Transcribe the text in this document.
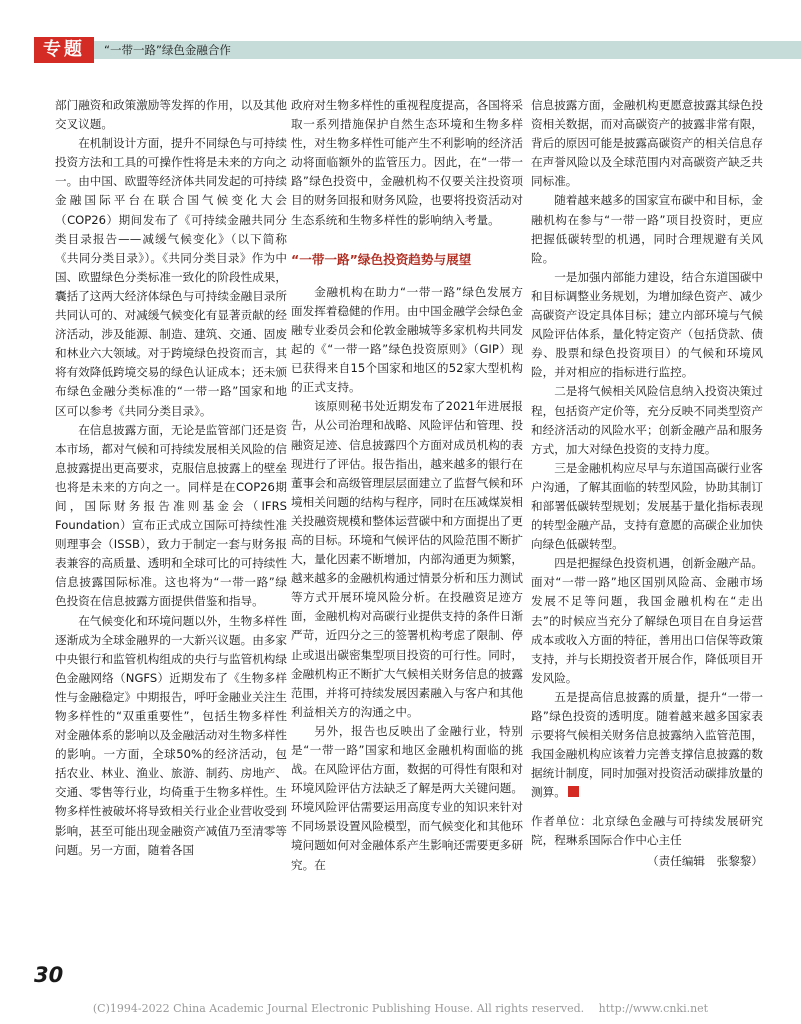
专题	“一带一路”绿色金融合作

部门融资和政策激励等发挥的作用，以及其他交叉议题。

在机制设计方面，提升不同绿色与可持续投资方法和工具的可操作性将是未来的方向之一。由中国、欧盟等经济体共同发起的可持续金融国际平台在联合国气候变化大会（COP26）期间发布了《可持续金融共同分类目录报告——减缓气候变化》（以下简称《共同分类目录》）。《共同分类目录》作为中国、欧盟绿色分类标准一致化的阶段性成果，囊括了这两大经济体绿色与可持续金融目录所共同认可的、对减缓气候变化有显著贡献的经济活动，涉及能源、制造、建筑、交通、固废和林业六大领域。对于跨境绿色投资而言，其将有效降低跨境交易的绿色认证成本；还未颁布绿色金融分类标准的“一带一路”国家和地区可以参考《共同分类目录》。

在信息披露方面，无论是监管部门还是资本市场，都对气候和可持续发展相关风险的信息披露提出更高要求，克服信息披露上的壁垒也将是未来的方向之一。同样是在COP26期间，国际财务报告准则基金会（IFRS Foundation）宣布正式成立国际可持续性准则理事会（ISSB），致力于制定一套与财务报表兼容的高质量、透明和全球可比的可持续性信息披露国际标准。这也将为“一带一路”绿色投资在信息披露方面提供借鉴和指导。

在气候变化和环境问题以外，生物多样性逐渐成为全球金融界的一大新兴议题。由多家中央银行和监管机构组成的央行与监管机构绿色金融网络（NGFS）近期发布了《生物多样性与金融稳定》中期报告，呼吁金融业关注生物多样性的“双重重要性”，包括生物多样性对金融体系的影响以及金融活动对生物多样性的影响。一方面，全球50%的经济活动，包括农业、林业、渔业、旅游、制药、房地产、交通、零售等行业，均倚重于生物多样性。生物多样性被破坏将导致相关行业企业营收受到影响，甚至可能出现金融资产减值乃至清零等问题。另一方面，随着各国

政府对生物多样性的重视程度提高，各国将采取一系列措施保护自然生态环境和生物多样性，对生物多样性可能产生不利影响的经济活动将面临额外的监管压力。因此，在“一带一路”绿色投资中，金融机构不仅要关注投资项目的财务回报和财务风险，也要将投资活动对生态系统和生物多样性的影响纳入考量。

“一带一路”绿色投资趋势与展望

金融机构在助力“一带一路”绿色发展方面发挥着稳健的作用。由中国金融学会绿色金融专业委员会和伦敦金融城等多家机构共同发起的《“一带一路”绿色投资原则》（GIP）现已获得来自15个国家和地区的52家大型机构的正式支持。

该原则秘书处近期发布了2021年进展报告，从公司治理和战略、风险评估和管理、投融资足迹、信息披露四个方面对成员机构的表现进行了评估。报告指出，越来越多的银行在董事会和高级管理层层面建立了监督气候和环境相关问题的结构与程序，同时在压减煤炭相关投融资规模和整体运营碳中和方面提出了更高的目标。环境和气候评估的风险范围不断扩大，量化因素不断增加，内部沟通更为频繁，越来越多的金融机构通过情景分析和压力测试等方式开展环境风险分析。在投融资足迹方面，金融机构对高碳行业提供支持的条件日渐严苛，近四分之三的签署机构考虑了限制、停止或退出碳密集型项目投资的可行性。同时，金融机构正不断扩大气候相关财务信息的披露范围，并将可持续发展因素融入与客户和其他利益相关方的沟通之中。

另外，报告也反映出了金融行业，特别是“一带一路”国家和地区金融机构面临的挑战。在风险评估方面，数据的可得性有限和对环境风险评估方法缺乏了解是两大关键问题。环境风险评估需要运用高度专业的知识来针对不同场景设置风险模型，而气候变化和其他环境问题如何对金融体系产生影响还需要更多研究。在

信息披露方面，金融机构更愿意披露其绿色投资相关数据，而对高碳资产的披露非常有限，背后的原因可能是披露高碳资产的相关信息存在声誉风险以及全球范围内对高碳资产缺乏共同标准。

随着越来越多的国家宣布碳中和目标，金融机构在参与“一带一路”项目投资时，更应把握低碳转型的机遇，同时合理规避有关风险。

一是加强内部能力建设，结合东道国碳中和目标调整业务规划，为增加绿色资产、减少高碳资产设定具体目标；建立内部环境与气候风险评估体系，量化特定资产（包括贷款、债券、股票和绿色投资项目）的气候和环境风险，并对相应的指标进行监控。

二是将气候相关风险信息纳入投资决策过程，包括资产定价等，充分反映不同类型资产和经济活动的风险水平；创新金融产品和服务方式，加大对绿色投资的支持力度。

三是金融机构应尽早与东道国高碳行业客户沟通，了解其面临的转型风险，协助其制订和部署低碳转型规划；发展基于量化指标表现的转型金融产品，支持有意愿的高碳企业加快向绿色低碳转型。

四是把握绿色投资机遇，创新金融产品。面对“一带一路”地区国别风险高、金融市场发展不足等问题，我国金融机构在“走出去”的时候应当充分了解绿色项目在自身运营成本或收入方面的特征，善用出口信保等政策支持，并与长期投资者开展合作，降低项目开发风险。

五是提高信息披露的质量，提升“一带一路”绿色投资的透明度。随着越来越多国家表示要将气候相关财务信息披露纳入监管范围，我国金融机构应该着力完善支撑信息披露的数据统计制度，同时加强对投资活动碳排放量的测算。

作者单位：北京绿色金融与可持续发展研究院，程琳系国际合作中心主任
（责任编辑　张黎黎）
30
(C)1994-2022 China Academic Journal Electronic Publishing House. All rights reserved.　 http://www.cnki.net
